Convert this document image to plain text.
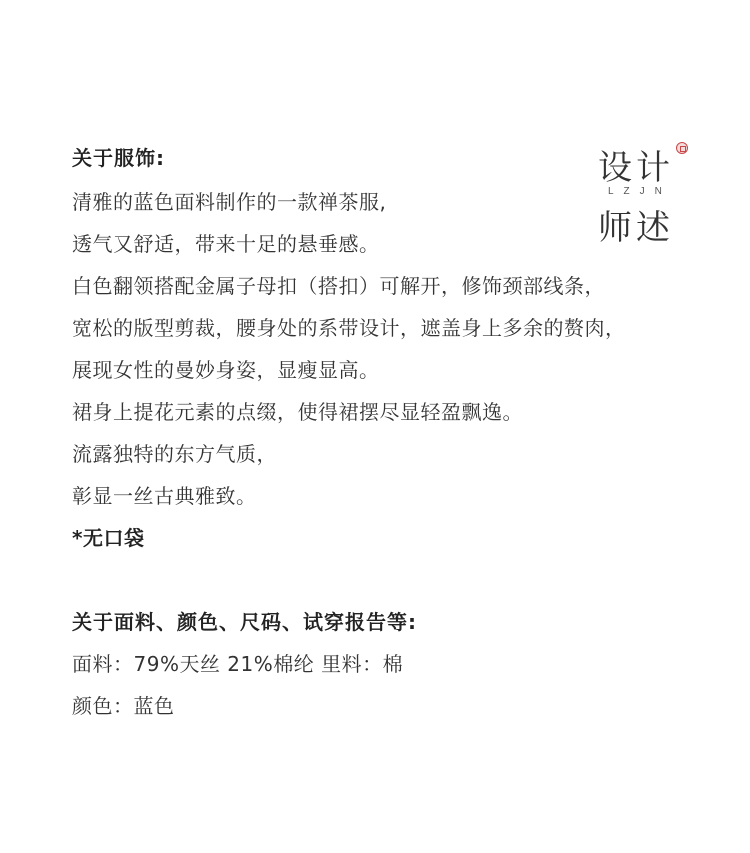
设计
LZJN
师述
关于服饰:
清雅的蓝色面料制作的一款禅茶服,
透气又舒适，带来十足的悬垂感。
白色翻领搭配金属子母扣（搭扣）可解开，修饰颈部线条，
宽松的版型剪裁，腰身处的系带设计，遮盖身上多余的赘肉，
展现女性的曼妙身姿，显瘦显高。
裙身上提花元素的点缀，使得裙摆尽显轻盈飘逸。
流露独特的东方气质，
彰显一丝古典雅致。
*无口袋
关于面料、颜色、尺码、试穿报告等:
面料：79%天丝 21%棉纶 里料：棉
颜色：蓝色
